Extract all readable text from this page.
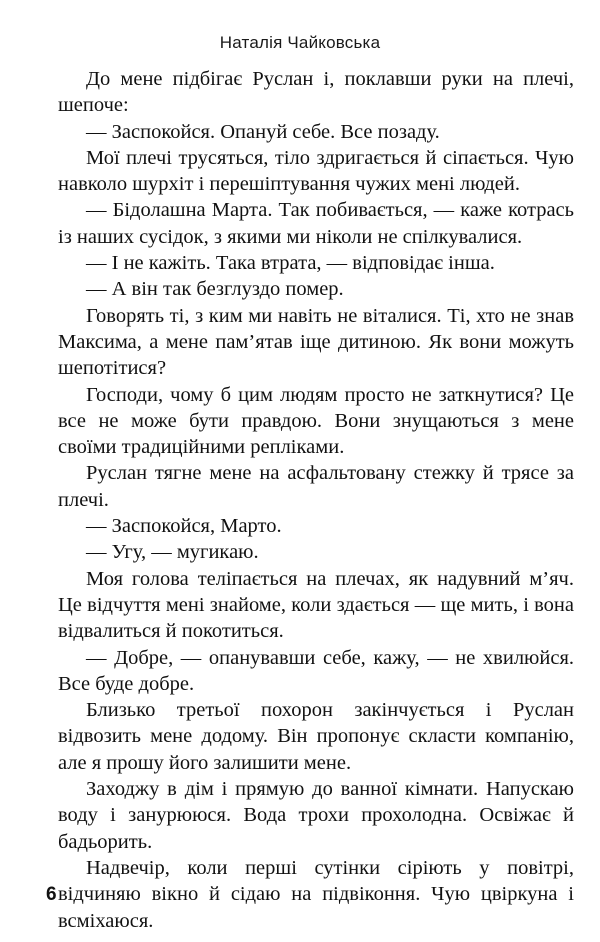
Наталія Чайковська

До мене підбігає Руслан і, поклавши руки на плечі, шепоче:

— Заспокойся. Опануй себе. Все позаду.

Мої плечі трусяться, тіло здригається й сіпається. Чую навколо шурхіт і перешіптування чужих мені людей.

— Бідолашна Марта. Так побивається, — каже котрась із наших сусідок, з якими ми ніколи не спілкувалися.

— І не кажіть. Така втрата, — відповідає інша.

— А він так безглуздо помер.

Говорять ті, з ким ми навіть не віталися. Ті, хто не знав Максима, а мене пам’ятав іще дитиною. Як вони можуть шепотітися?

Господи, чому б цим людям просто не заткнутися? Це все не може бути правдою. Вони знущаються з мене своїми традиційними репліками.

Руслан тягне мене на асфальтовану стежку й трясе за плечі.

— Заспокойся, Марто.

— Угу, — мугикаю.

Моя голова теліпається на плечах, як надувний м’яч. Це відчуття мені знайоме, коли здається — ще мить, і вона відвалиться й покотиться.

— Добре, — опанувавши себе, кажу, — не хвилюйся. Все буде добре.

Близько третьої похорон закінчується і Руслан відвозить мене додому. Він пропонує скласти компанію, але я прошу його залишити мене.

Заходжу в дім і прямую до ванної кімнати. Напускаю воду і занурююся. Вода трохи прохолодна. Освіжає й бадьорить.

Надвечір, коли перші сутінки сіріють у повітрі, відчиняю вікно й сідаю на підвіконня. Чую цвіркуна і всміхаюся.

6
